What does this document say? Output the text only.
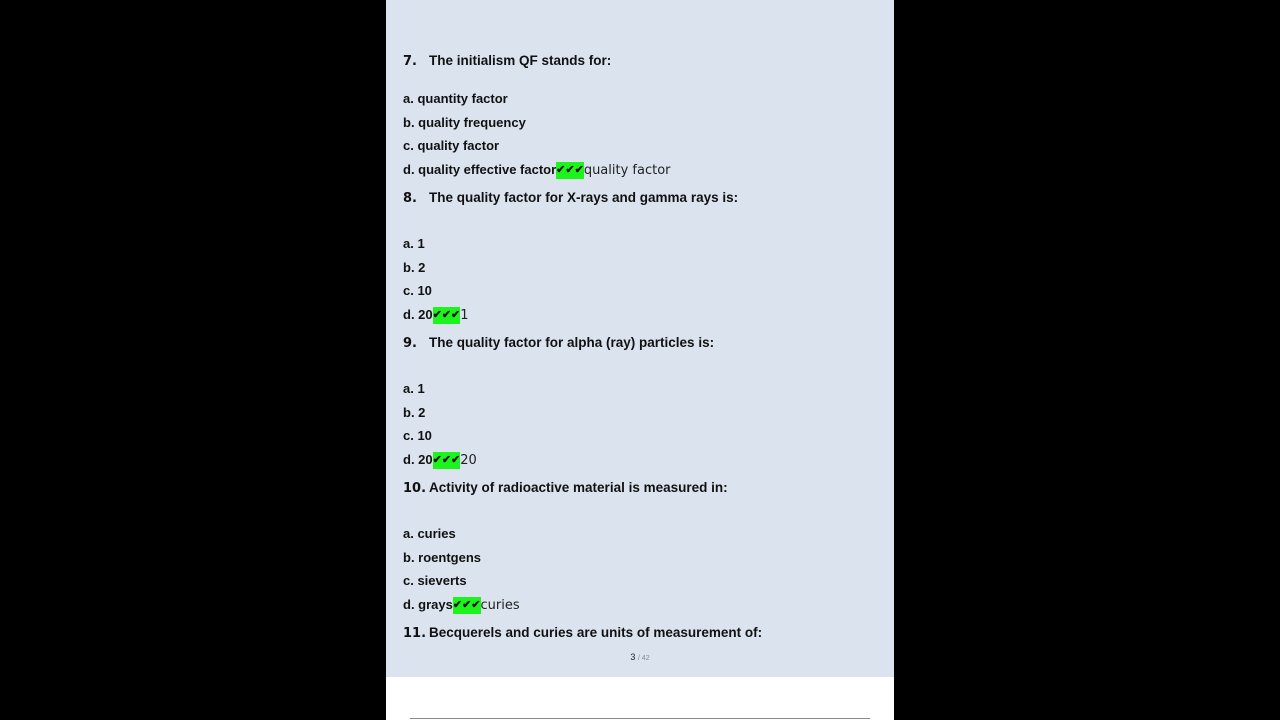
7. The initialism QF stands for:
a. quantity factor
b. quality frequency
c. quality factor
d. quality effective factor✔✔✔quality factor
8. The quality factor for X-rays and gamma rays is:
a. 1
b. 2
c. 10
d. 20✔✔✔1
9. The quality factor for alpha (ray) particles is:
a. 1
b. 2
c. 10
d. 20✔✔✔20
10. Activity of radioactive material is measured in:
a. curies
b. roentgens
c. sieverts
d. grays✔✔✔curies
11. Becquerels and curies are units of measurement of:
3 / 42
